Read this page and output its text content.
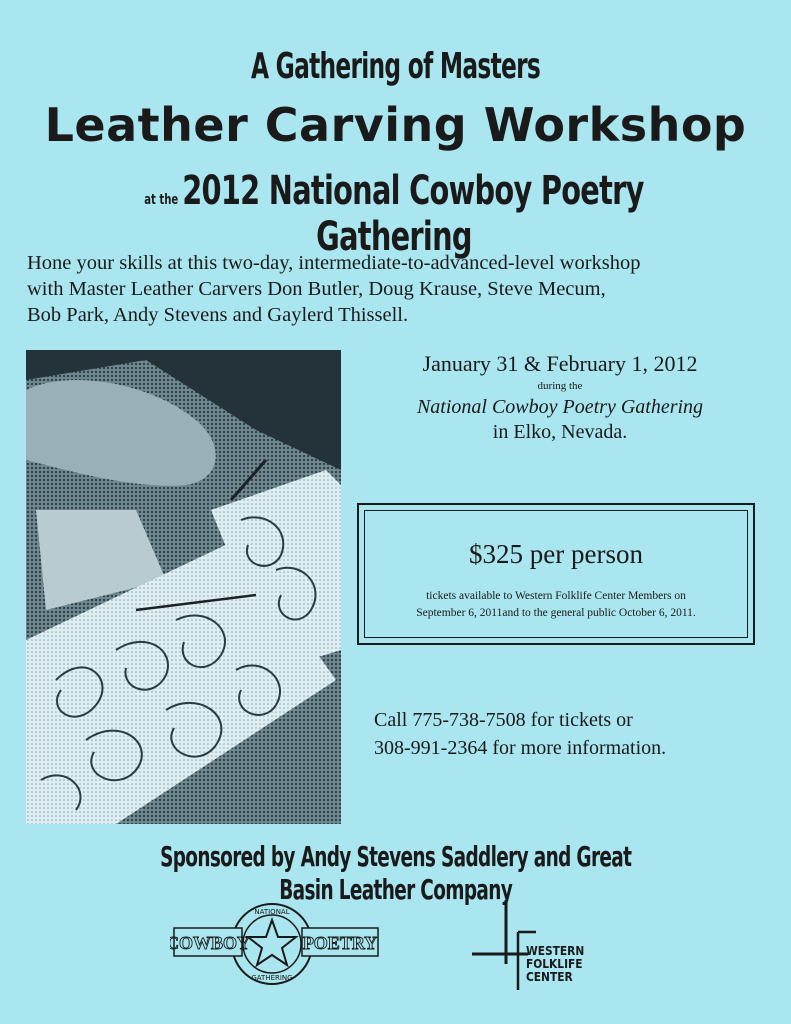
A Gathering of Masters
Leather Carving Workshop
at the 2012 National Cowboy Poetry Gathering
Hone your skills at this two-day, intermediate-to-advanced-level workshop
with Master Leather Carvers Don Butler, Doug Krause, Steve Mecum,
Bob Park, Andy Stevens and Gaylerd Thissell.
January 31 & February 1, 2012
during the
National Cowboy Poetry Gathering
in Elko, Nevada.
$325 per person
tickets available to Western Folklife Center Members on
September 6, 2011and to the general public October 6, 2011.
Call 775-738-7508 for tickets or
308-991-2364 for more information.
Sponsored by Andy Stevens Saddlery and Great Basin Leather Company
COWBOY	POETRY
NATIONAL
GATHERING
WESTERN
FOLKLIFE
CENTER
